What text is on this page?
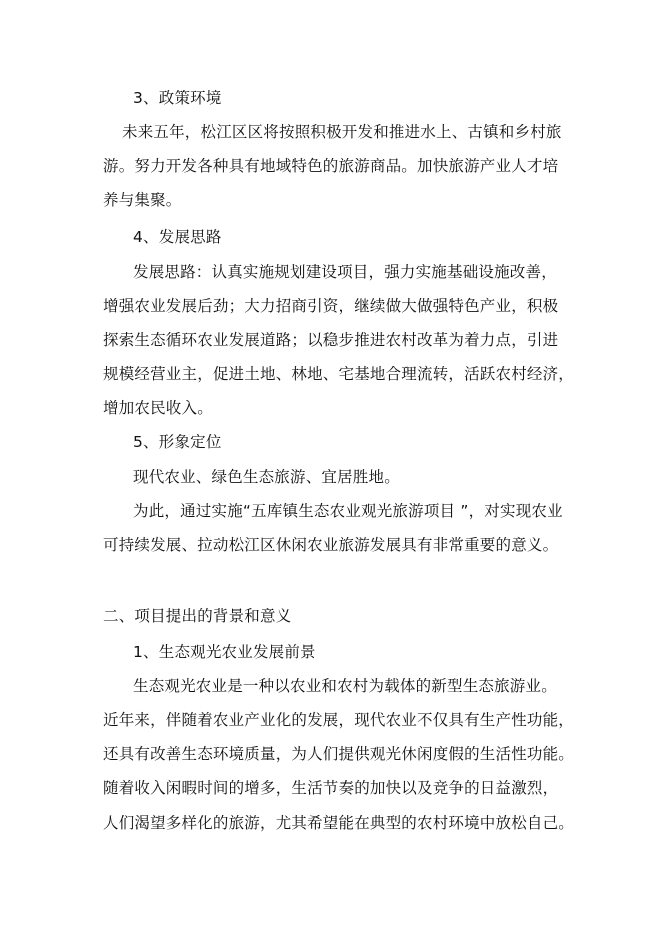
3、政策环境
未来五年，松江区区将按照积极开发和推进水上、古镇和乡村旅
游。努力开发各种具有地域特色的旅游商品。加快旅游产业人才培
养与集聚。
4、发展思路
发展思路：认真实施规划建设项目，强力实施基础设施改善，
增强农业发展后劲；大力招商引资，继续做大做强特色产业，积极
探索生态循环农业发展道路；以稳步推进农村改革为着力点，引进
规模经营业主，促进土地、林地、宅基地合理流转，活跃农村经济，
增加农民收入。
5、形象定位
现代农业、绿色生态旅游、宜居胜地。
为此，通过实施“五库镇生态农业观光旅游项目 ”，对实现农业
可持续发展、拉动松江区休闲农业旅游发展具有非常重要的意义。
二、项目提出的背景和意义
1、生态观光农业发展前景
生态观光农业是一种以农业和农村为载体的新型生态旅游业。
近年来，伴随着农业产业化的发展，现代农业不仅具有生产性功能，
还具有改善生态环境质量，为人们提供观光休闲度假的生活性功能。
随着收入闲暇时间的增多，生活节奏的加快以及竞争的日益激烈，
人们渴望多样化的旅游，尤其希望能在典型的农村环境中放松自己。
